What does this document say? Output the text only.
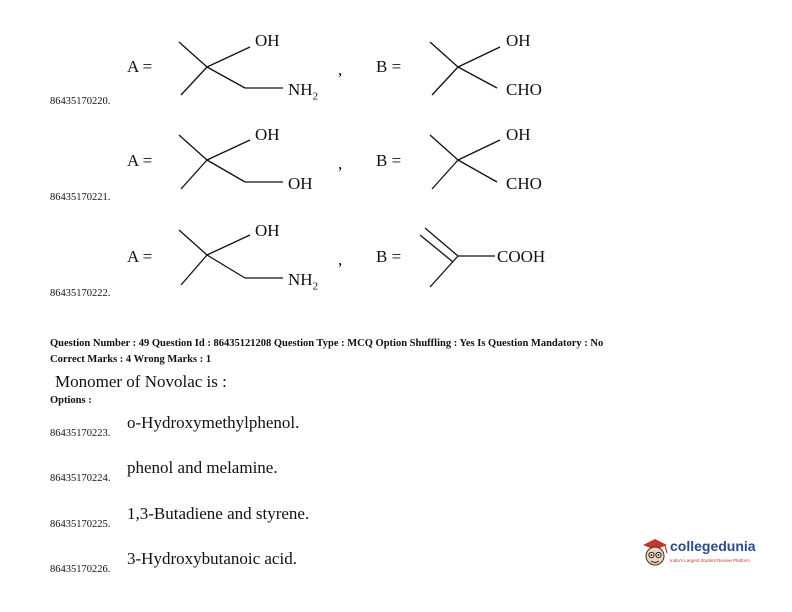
A =
OH
$NH_2$
, B =
OH
CHO
86435170220.
A =
OH
OH
, B =
OH
CHO
86435170221.
A =
OH
$NH_2$
, B =	COOH
86435170222.
Question Number : 49 Question Id : 86435121208 Question Type : MCQ Option Shuffling : Yes Is Question Mandatory : No
Correct Marks : 4 Wrong Marks : 1
Monomer of Novolac is :
Options :
o-Hydroxymethylphenol.
86435170223.
phenol and melamine.
86435170224.
1,3-Butadiene and styrene.
86435170225.
3-Hydroxybutanoic acid.
86435170226.
collegedunia
India's Largest Student Review Platform
